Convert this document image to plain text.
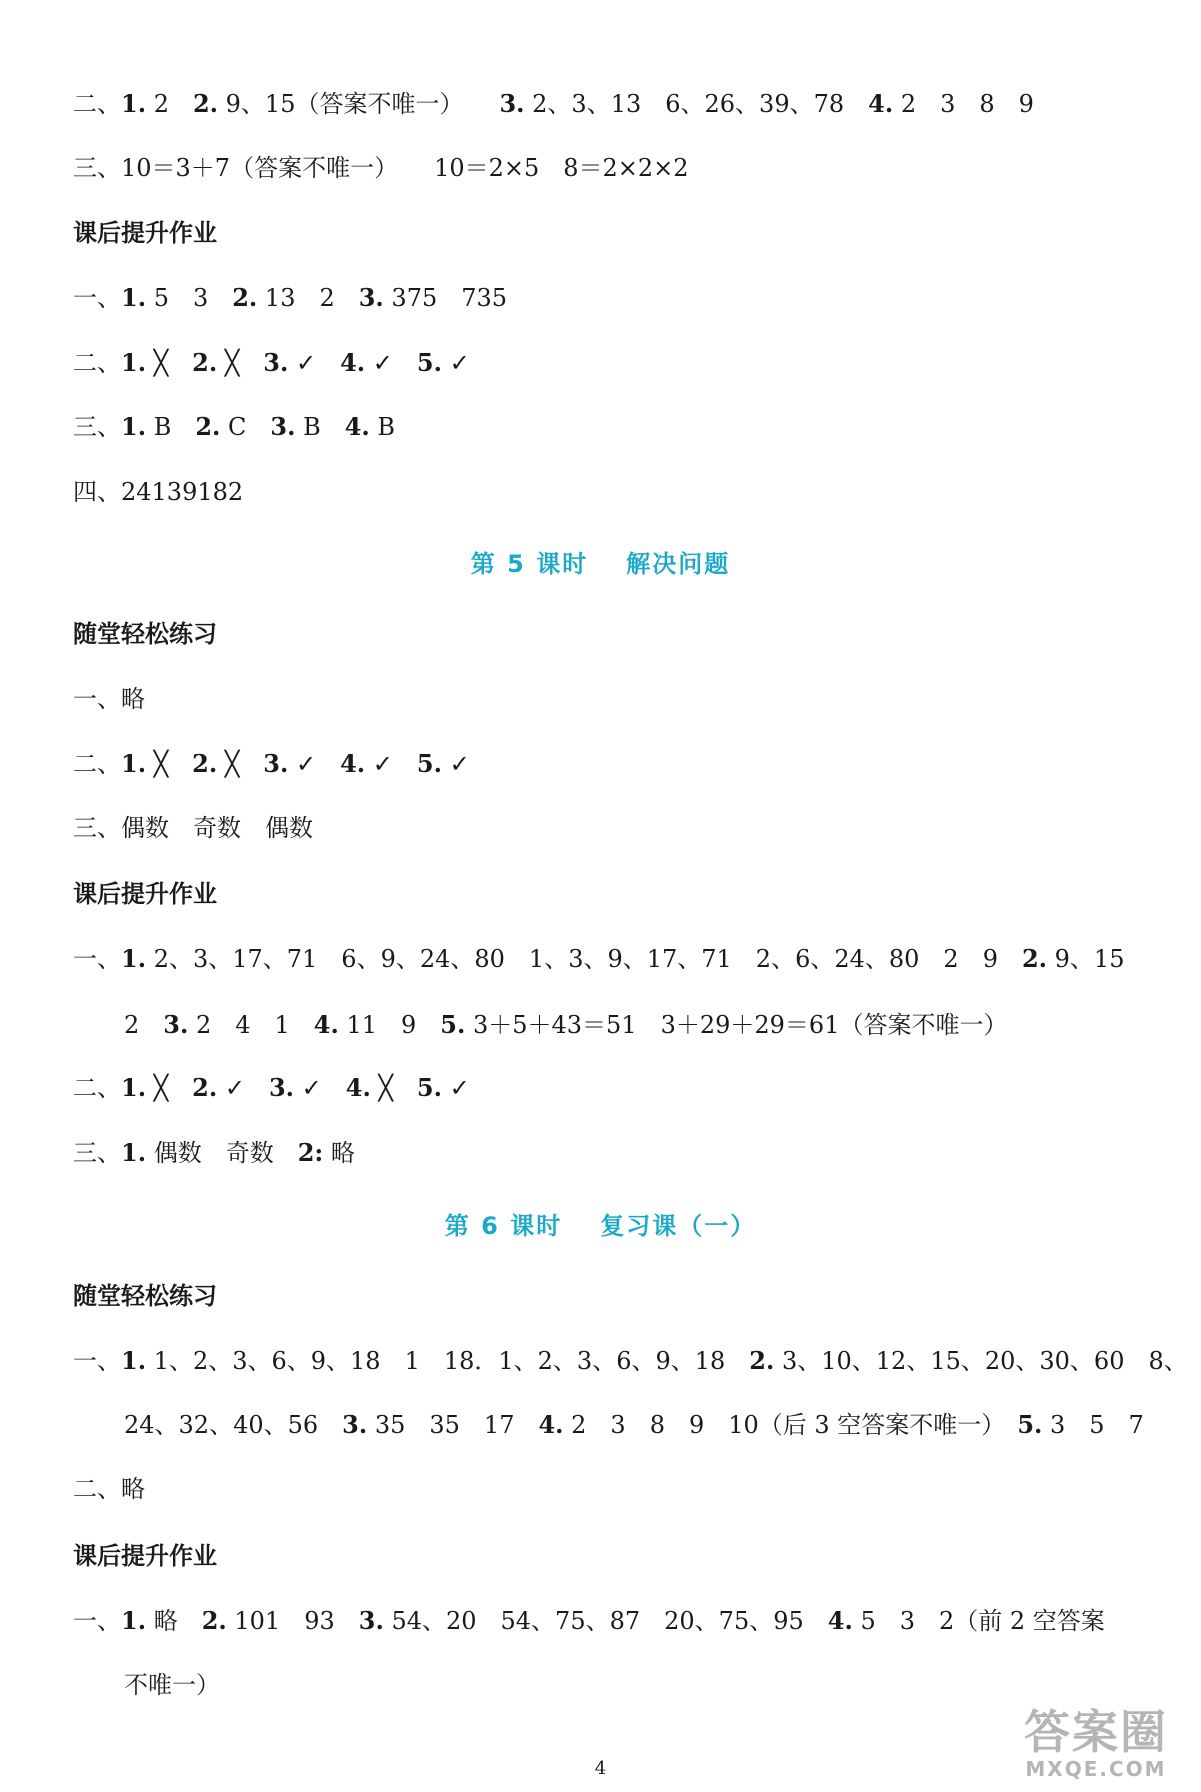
二、1. 2　2. 9、15（答案不唯一）　　3. 2、3、13　6、26、39、78　4. 2　3　8　9
三、10＝3＋7（答案不唯一）　　10＝2×5　8＝2×2×2
一、1. 5　3　2. 13　2　3. 375　735
二、1. ╳　2. ╳　3. ✓　4. ✓　5. ✓
三、1. B　2. C　3. B　4. B
四、24139182
一、略
二、1. ╳　2. ╳　3. ✓　4. ✓　5. ✓
三、偶数　奇数　偶数
一、1. 2、3、17、71　6、9、24、80　1、3、9、17、71　2、6、24、80　2　9　2. 9、15
2　3. 2　4　1　4. 11　9　5. 3＋5＋43＝51　3＋29＋29＝61（答案不唯一）
二、1. ╳　2. ✓　3. ✓　4. ╳　5. ✓
三、1. 偶数　奇数　2: 略
一、1. 1、2、3、6、9、18　1　18．1、2、3、6、9、18　2. 3、10、12、15、20、30、60　8、
24、32、40、56　3. 35　35　17　4. 2　3　8　9　10（后 3 空答案不唯一）　5. 3　5　7
二、略
一、1. 略　2. 101　93　3. 54、20　54、75、87　20、75、95　4. 5　3　2（前 2 空答案
不唯一）
课后提升作业
随堂轻松练习
课后提升作业
随堂轻松练习
课后提升作业
第 5 课时 解决问题
第 6 课时 复习课（一）
4
答案圈
MXQE.COM
